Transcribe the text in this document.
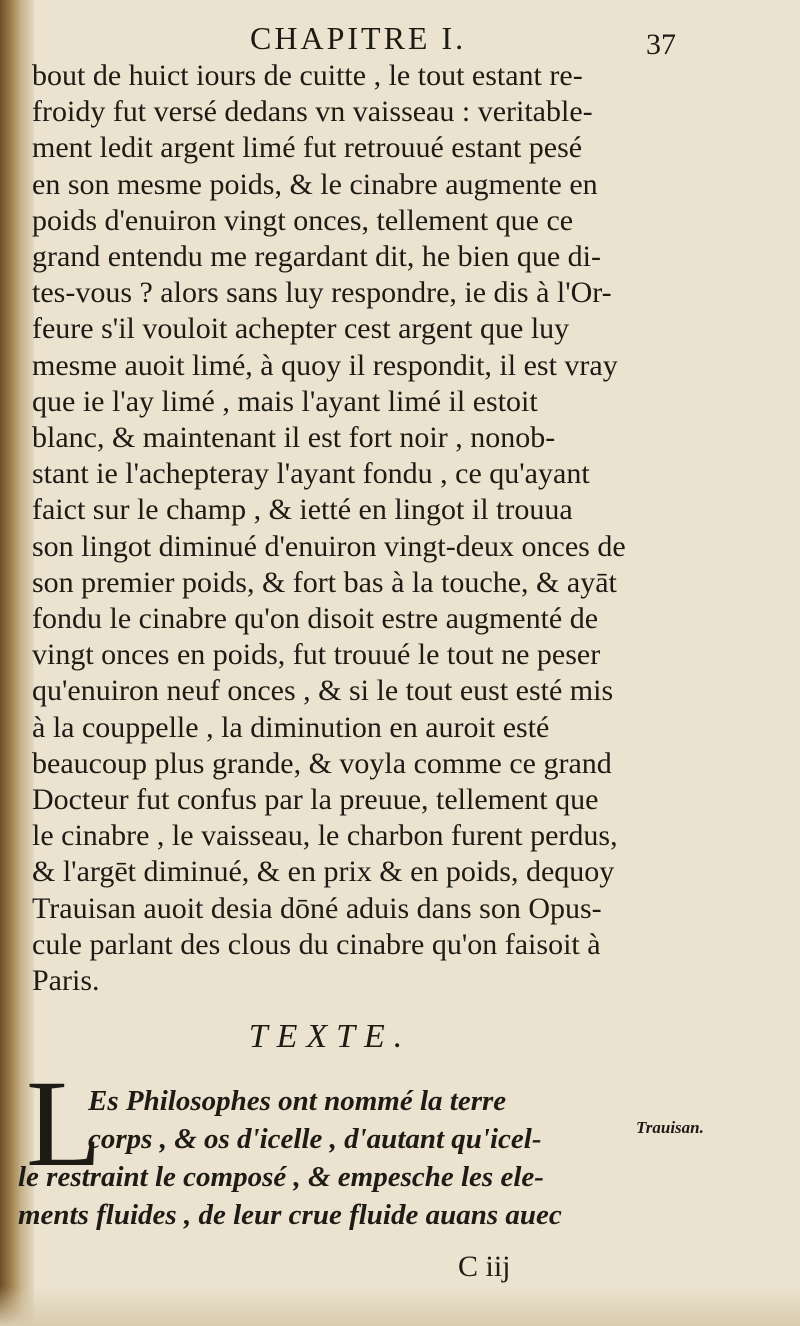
CHAPITRE I.	37
bout de huict iours de cuitte , le tout estant re-
froidy fut versé dedans vn vaisseau : veritable-
ment ledit argent limé fut retrouué estant pesé
en son mesme poids, & le cinabre augmente en
poids d'enuiron vingt onces, tellement que ce
grand entendu me regardant dit, he bien que di-
tes-vous ? alors sans luy respondre, ie dis à l'Or-
feure s'il vouloit achepter cest argent que luy
mesme auoit limé, à quoy il respondit, il est vray
que ie l'ay limé , mais l'ayant limé il estoit
blanc, & maintenant il est fort noir , nonob-
stant ie l'achepteray l'ayant fondu , ce qu'ayant
faict sur le champ , & ietté en lingot il trouua
son lingot diminué d'enuiron vingt-deux onces de
son premier poids, & fort bas à la touche, & ayāt
fondu le cinabre qu'on disoit estre augmenté de
vingt onces en poids, fut trouué le tout ne peser
qu'enuiron neuf onces , & si le tout eust esté mis
à la couppelle , la diminution en auroit esté
beaucoup plus grande, & voyla comme ce grand
Docteur fut confus par la preuue, tellement que
le cinabre , le vaisseau, le charbon furent perdus,
& l'argēt diminué, & en prix & en poids, dequoy
Trauisan auoit desia dōné aduis dans son Opus-
cule parlant des clous du cinabre qu'on faisoit à
Paris.
TEXTE.
L
Es Philosophes ont nommé la terre
corps , & os d'icelle , d'autant qu'icel-
le restraint le composé , & empesche les ele-
ments fluides , de leur crue fluide auans auec
Trauisan.
C iij
